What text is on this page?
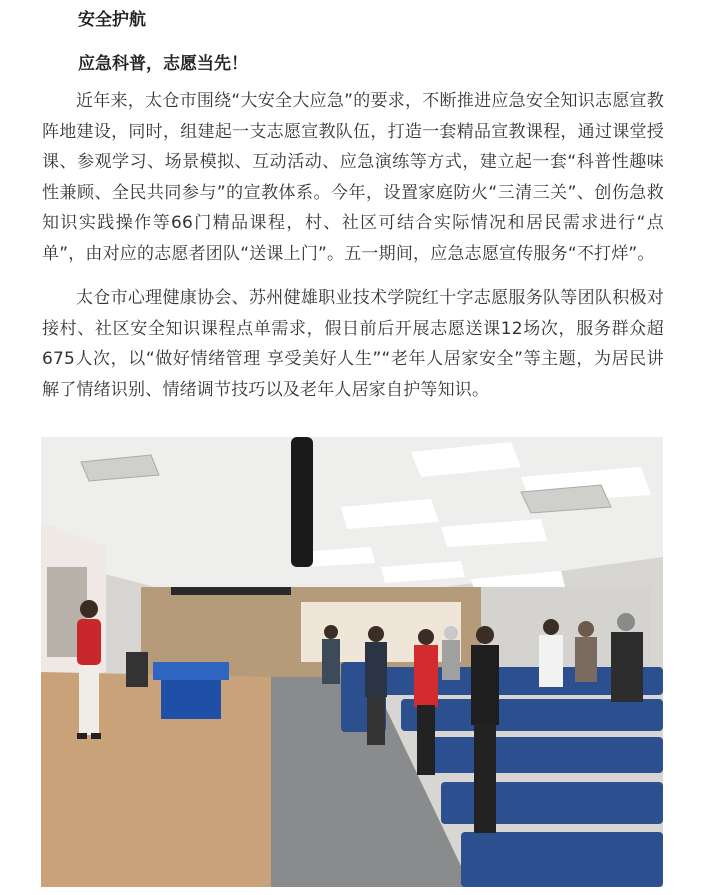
安全护航

应急科普，志愿当先！

近年来，太仓市围绕“大安全大应急”的要求，不断推进应急安全知识志愿宣教阵地建设，同时，组建起一支志愿宣教队伍，打造一套精品宣教课程，通过课堂授课、参观学习、场景模拟、互动活动、应急演练等方式，建立起一套“科普性趣味性兼顾、全民共同参与”的宣教体系。今年，设置家庭防火“三清三关”、创伤急救知识实践操作等66门精品课程，村、社区可结合实际情况和居民需求进行“点单”，由对应的志愿者团队“送课上门”。五一期间，应急志愿宣传服务“不打烊”。

太仓市心理健康协会、苏州健雄职业技术学院红十字志愿服务队等团队积极对接村、社区安全知识课程点单需求，假日前后开展志愿送课12场次，服务群众超675人次，以“做好情绪管理 享受美好人生”“老年人居家安全”等主题，为居民讲解了情绪识别、情绪调节技巧以及老年人居家自护等知识。
